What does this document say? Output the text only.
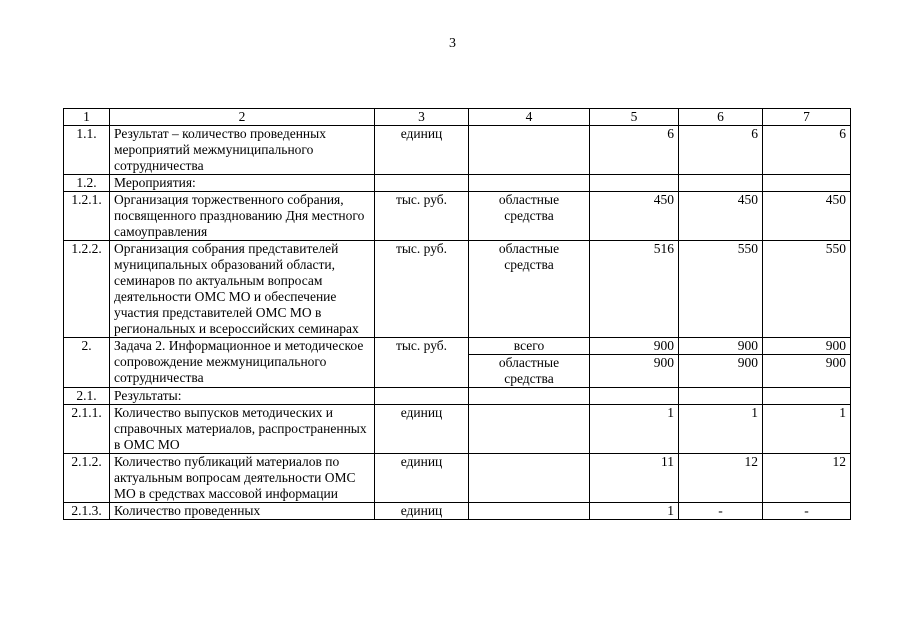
3
1	2	3	4	5	6	7
1.1.	Результат – количество проведенных мероприятий межмуниципального сотрудничества	единиц		6	6	6
1.2.	Мероприятия:					
1.2.1.	Организация торжественного собрания, посвященного празднованию Дня местного самоуправления	тыс. руб.	областные средства	450	450	450
1.2.2.	Организация собрания представителей муниципальных образований области, семинаров по актуальным вопросам деятельности ОМС МО и обеспечение участия представителей ОМС МО в региональных и всероссийских семинарах	тыс. руб.	областные средства	516	550	550
2.	Задача 2. Информационное и методическое сопровождение межмуниципального сотрудничества	тыс. руб.	всего	900	900	900
			областные средства	900	900	900
2.1.	Результаты:					
2.1.1.	Количество выпусков методических и справочных материалов, распространенных в ОМС МО	единиц		1	1	1
2.1.2.	Количество публикаций материалов по актуальным вопросам деятельности ОМС МО в средствах массовой информации	единиц		11	12	12
2.1.3.	Количество проведенных	единиц		1	-	-
